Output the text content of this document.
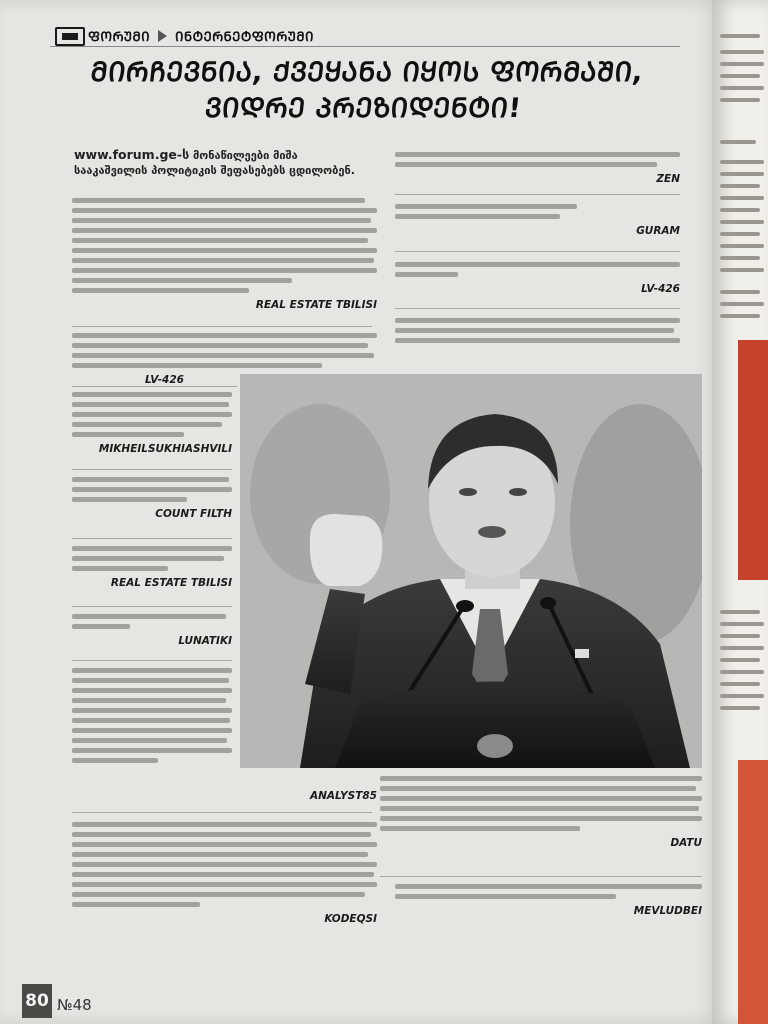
ᲤᲝᲠᲣᲛᲘ ᲘᲜᲢᲔᲠᲜᲔᲢᲤᲝᲠᲣᲛᲘ
ᲛᲘᲠᲩᲔᲕᲜᲘᲐ, ᲥᲕᲔᲧᲐᲜᲐ ᲘᲧᲝᲡ ᲤᲝᲠᲛᲐᲨᲘ,
ᲕᲘᲓᲠᲔ ᲞᲠᲔᲖᲘᲓᲔᲜᲢᲘ!
www.forum.ge-ს მონაწილეები მიშა სააკაშვილის პოლიტიკის შეფასებებს ცდილობენ.
REAL ESTATE TBILISI
LV-426
MIKHEILSUKHIASHVILI
COUNT FILTH
REAL ESTATE TBILISI
LUNATIKI
ANALYST85
KODEQSI
ZEN
GURAM
LV-426
DATU
MEVLUDBEI
80 №48
